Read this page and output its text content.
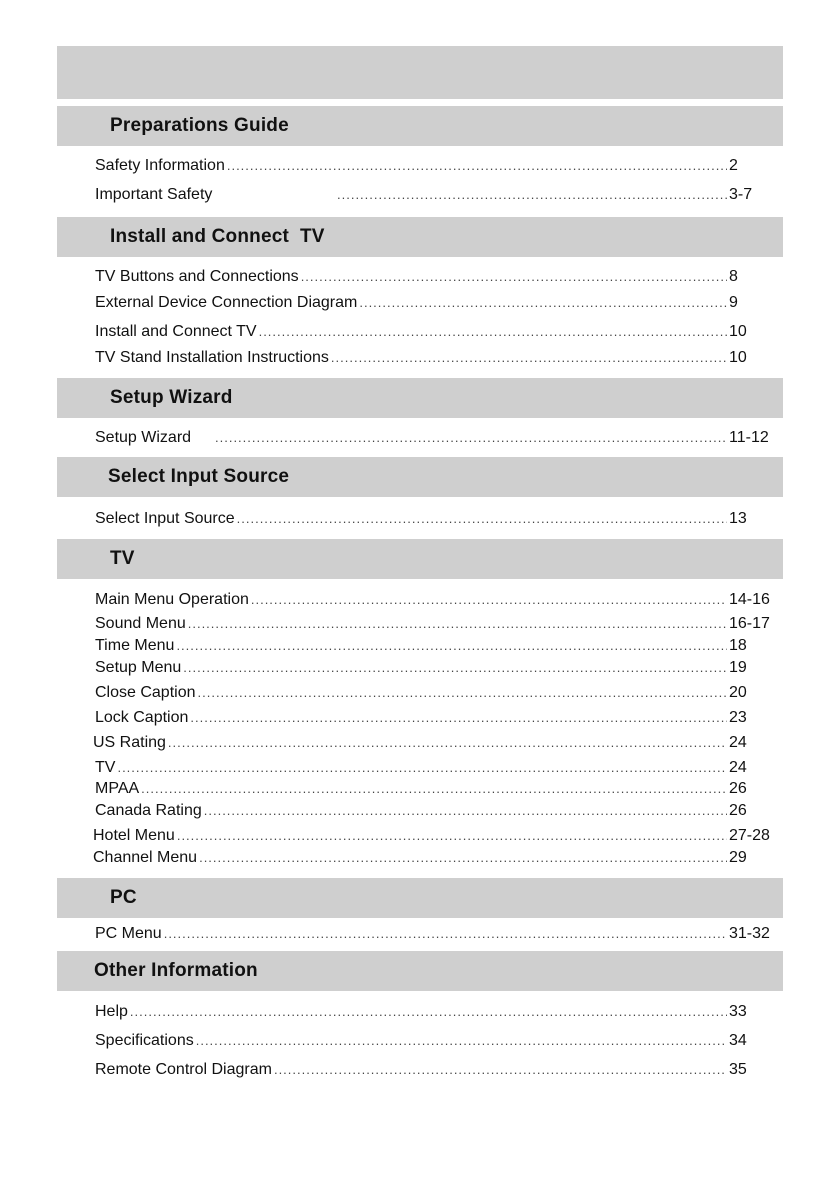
Preparations Guide
Safety Information .....	2
Important Safety .....	3-7
Install and Connect  TV
TV Buttons and Connections .....	8
External Device Connection Diagram .....	9
Install and Connect TV .....	10
TV Stand Installation Instructions .....	10
Setup Wizard
Setup Wizard .....	11-12
Select Input Source
Select Input Source .....	13
TV
Main Menu Operation .....	14-16
Sound Menu .....	16-17
Time Menu .....	18
Setup Menu .....	19
Close Caption .....	20
Lock Caption .....	23
US Rating .....	24
TV .....	24
MPAA .....	26
Canada Rating .....	26
Hotel Menu .....	27-28
Channel Menu .....	29
PC
PC Menu .....	31-32
Other Information
Help .....	33
Specifications .....	34
Remote Control Diagram .....	35
